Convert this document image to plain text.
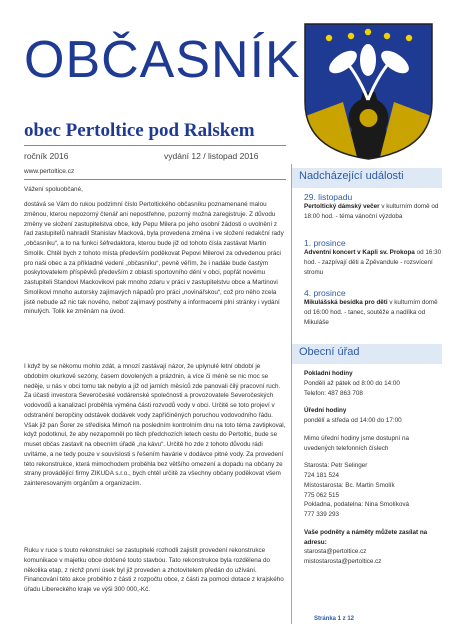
OBČASNÍK
obec Pertoltice pod Ralskem
ročník 2016	vydání 12 / listopad 2016
www.pertoltice.cz

Vážení spoluobčané,

dostává se Vám do rukou podzimní číslo Pertoltického občasníku poznamenané malou změnou, kterou nepozorný čtenář ani nepostřehne, pozorný možná zaregistruje. Z důvodu změny ve složení zastupitelstva obce, kdy Pepu Milera po jeho osobní žádosti o uvolnění z řad zastupitelů nahradil Stanislav Macková, byla provedena změna i ve složení redakční rady „občasníku“, a to na funkci šéfredaktora, kterou bude již od tohoto čísla zastávat Martin Smolík. Chtěl bych z tohoto místa především poděkovat Pepovi Milerovi za odvedenou práci pro naši obec a za příkladné vedení „občasníku“, pevně věřím, že i nadále bude častým poskytovatelem příspěvků především z oblasti sportovního dění v obci, popřát novému zastupiteli Standovi Mackovikovi pak mnoho zdaru v práci v zastupitelstvu obce a Martinovi Smolíkovi mnoho autorsky zajímavých nápadů pro práci „novinářskou“, což pro něho zcela jistě nebude až nic tak nového, neboť zajímavý postřehy a informacemi plní stránky i vydání minulých. Tolik ke změnám na úvod.

I když by se někomu mohlo zdát, a mnozí zastávají názor, že uplynulé letní období je obdobím okurkové sezóny, časem dovolených a prázdnin, a více či méně se nic moc se neděje, u nás v obci tomu tak nebylo a již od jarních měsíců zde panovali čilý pracovní ruch. Za účasti investora Severočeské vodárenské společnosti a provozovatele Severočeských vodovodů a kanalizací proběhla výměna části rozvodů vody v obci. Určitě se toto projeví v odstranění beropčiny odstávek dodávek vody zapříčiněných poruchou vodovodního řádu. Však již pan Šorer ze střediska Mimoň na posledním kontrolním dnu na toto téma zavtipkoval, když podotknul, že aby nezapomněl po těch předchozích letech cestu do Pertoltic, bude se muset občas zastavit na obecním úřadě „na kávu“. Určitě ho zde z tohoto důvodu rádi uvítáme, a ne tedy pouze v souvislosti s řešením havárie v dodávce pitné vody. Za provedení této rekonstrukce, která mimochodem proběhla bez většího omezení a dopadu na občany ze strany provádějící firmy ZIKUDA s.r.o., bych chtěl určitě za všechny občany poděkovat všem zainteresovaným orgánům a organizacím.

Ruku v ruce s touto rekonstrukcí se zastupitelé rozhodli zajistit provedení rekonstrukce komunikace v majetku obce dotčené touto stavbou. Tato rekonstrukce byla rozdělena do několika etap, z nichž první úsek byl již proveden a zhotovitelem předán do užívání. Financování této akce proběhlo z části z rozpočtu obce, z části za pomoci dotace z krajského úřadu Libereckého kraje ve výši 300 000,-Kč.

Nadcházející události
29. listopadu
Pertoltický dámský večer v kulturním domě od 18:00 hod. - téma vánoční výzdoba
1. prosince
Adventní koncert v Kapli sv. Prokopa od 16:30 hod. - zazpívají děti a Zpěvandule - rozsvícení stromu
4. prosince
Mikulášská besídka pro děti v kulturním domě od 16:00 hod. - tanec, soutěže a nadílka od Mikuláše
Obecní úřad
Pokladní hodiny
Pondělí až pátek od 8:00 do 14:00
Telefon: 487 863 708
Úřední hodiny
pondělí a středa od 14:00 do 17:00
Mimo úřední hodiny jsme dostupní na uvedených telefonních číslech
Starosta: Petr Selinger
724 181 524
Místostarosta: Bc. Martin Smolík
775 062 515
Pokladna, podatelna: Nina Smolíková
777 339 293
Vaše podněty a náměty můžete zasílat na adresu:
starosta@pertoltice.cz
mistostarosta@pertoltice.cz
Stránka 1 z 12
